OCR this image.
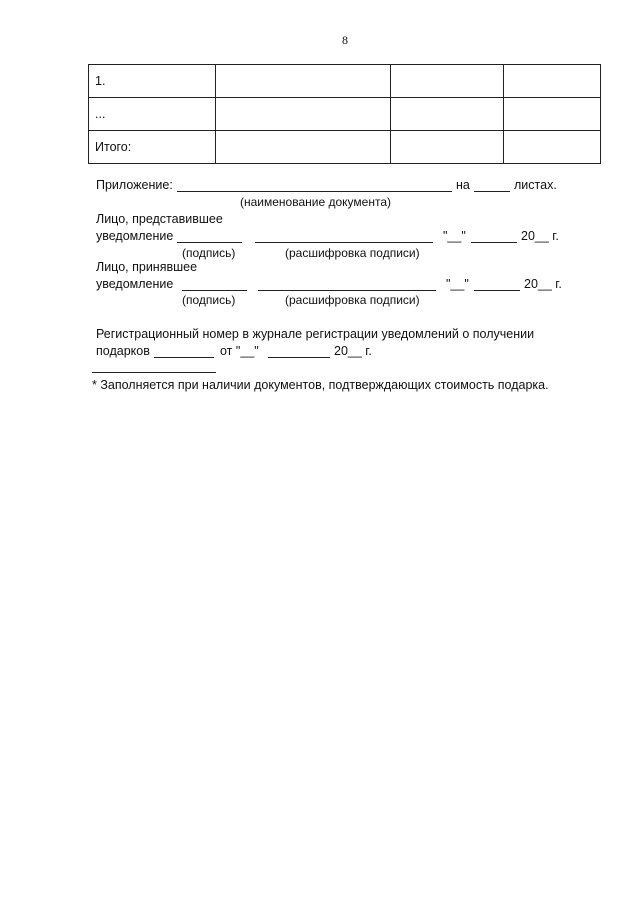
8
1.			
...			
Итого:			
Приложение:	на	листах.
(наименование документа)
Лицо, представившее
уведомление	"__"	20__ г.
(подпись)	(расшифровка подписи)
Лицо, принявшее
уведомление	"__"	20__ г.
(подпись)	(расшифровка подписи)
Регистрационный номер в журнале регистрации уведомлений о получении
подарков	от "__"	20__ г.
* Заполняется при наличии документов, подтверждающих стоимость подарка.
